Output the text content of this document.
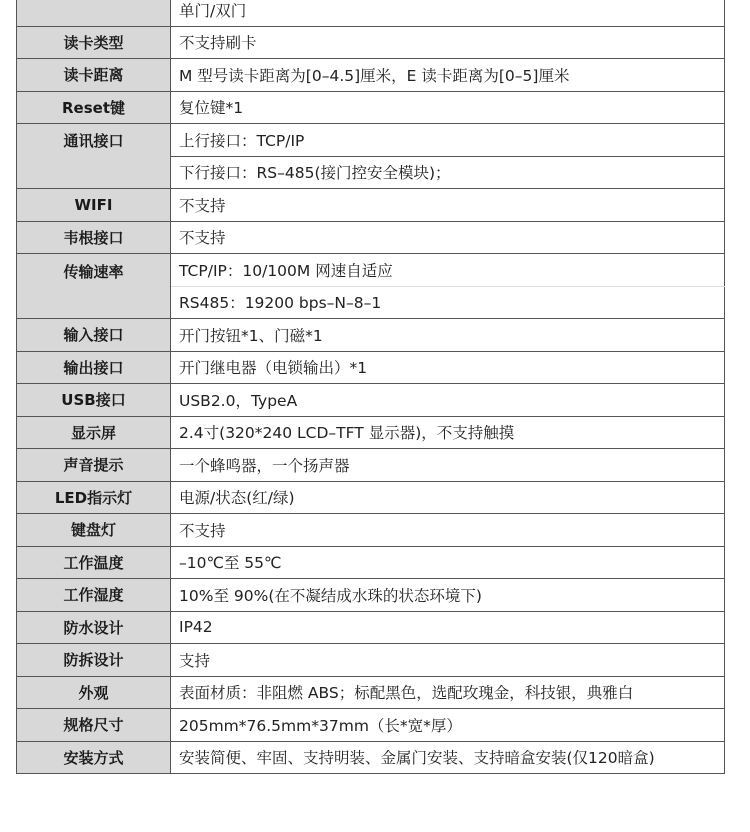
	单门/双门
读卡类型	不支持刷卡
读卡距离	M 型号读卡距离为[0–4.5]厘米，E 读卡距离为[0–5]厘米
Reset键	复位键*1
通讯接口	上行接口：TCP/IP
	下行接口：RS–485(接门控安全模块)；
WIFI	不支持
韦根接口	不支持
传输速率	TCP/IP：10/100M 网速自适应
	RS485：19200 bps–N–8–1
输入接口	开门按钮*1、门磁*1
输出接口	开门继电器（电锁输出）*1
USB接口	USB2.0，TypeA
显示屏	2.4寸(320*240 LCD–TFT 显示器)，不支持触摸
声音提示	一个蜂鸣器，一个扬声器
LED指示灯	电源/状态(红/绿)
键盘灯	不支持
工作温度	–10℃至 55℃
工作湿度	10%至 90%(在不凝结成水珠的状态环境下)
防水设计	IP42
防拆设计	支持
外观	表面材质：非阻燃 ABS；标配黑色，选配玫瑰金，科技银，典雅白
规格尺寸	205mm*76.5mm*37mm（长*宽*厚）
安装方式	安装简便、牢固、支持明装、金属门安装、支持暗盒安装(仅120暗盒)
